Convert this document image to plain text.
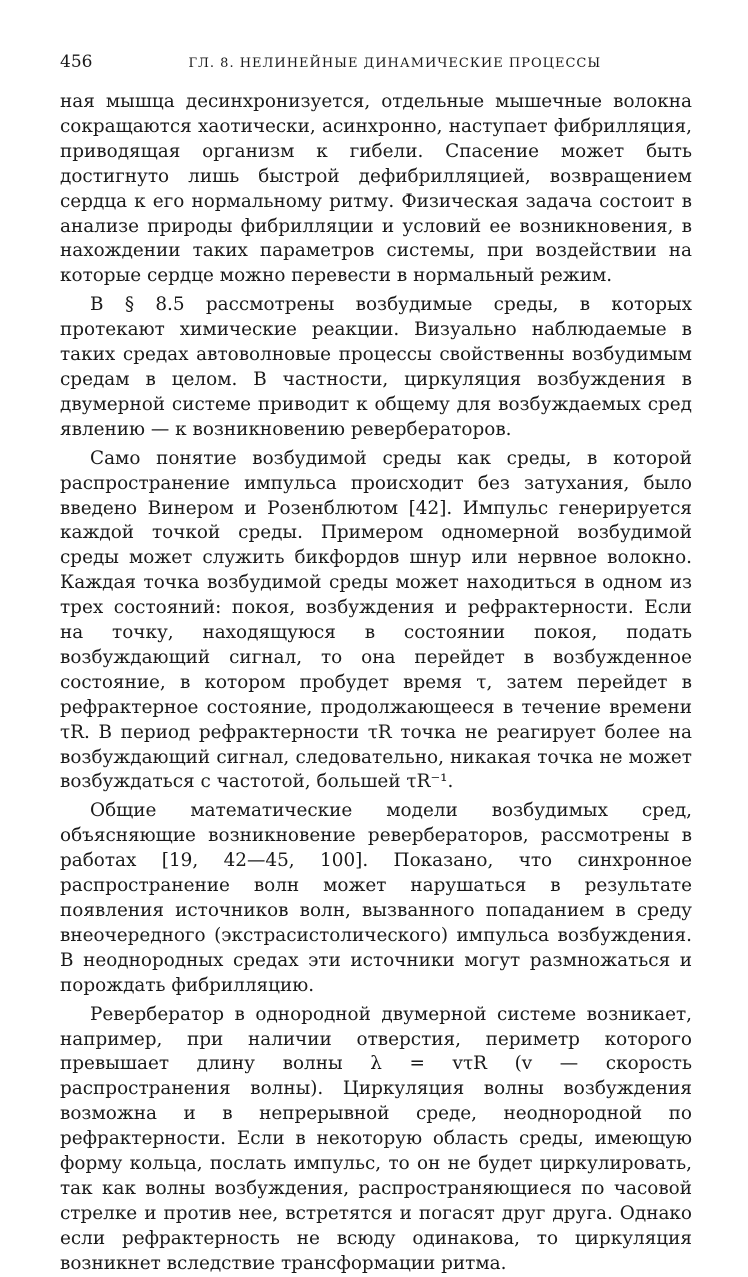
456	ГЛ. 8. НЕЛИНЕЙНЫЕ ДИНАМИЧЕСКИЕ ПРОЦЕССЫ

ная мышца десинхронизуется, отдельные мышечные волокна сокращаются хаотически, асинхронно, наступает фибрилляция, приводящая организм к гибели. Спасение может быть достигнуто лишь быстрой дефибрилляцией, возвращением сердца к его нормальному ритму. Физическая задача состоит в анализе природы фибрилляции и условий ее возникновения, в нахождении таких параметров системы, при воздействии на которые сердце можно перевести в нормальный режим.

В § 8.5 рассмотрены возбудимые среды, в которых протекают химические реакции. Визуально наблюдаемые в таких средах автоволновые процессы свойственны возбудимым средам в целом. В частности, циркуляция возбуждения в двумерной системе приводит к общему для возбуждаемых сред явлению — к возникновению ревербераторов.

Само понятие возбудимой среды как среды, в которой распространение импульса происходит без затухания, было введено Винером и Розенблютом [42]. Импульс генерируется каждой точкой среды. Примером одномерной возбудимой среды может служить бикфордов шнур или нервное волокно. Каждая точка возбудимой среды может находиться в одном из трех состояний: покоя, возбуждения и рефрактерности. Если на точку, находящуюся в состоянии покоя, подать возбуждающий сигнал, то она перейдет в возбужденное состояние, в котором пробудет время τ, затем перейдет в рефрактерное состояние, продолжающееся в течение времени τR. В период рефрактерности τR точка не реагирует более на возбуждающий сигнал, следовательно, никакая точка не может возбуждаться с частотой, большей τR⁻¹.

Общие математические модели возбудимых сред, объясняющие возникновение ревербераторов, рассмотрены в работах [19, 42—45, 100]. Показано, что синхронное распространение волн может нарушаться в результате появления источников волн, вызванного попаданием в среду внеочередного (экстрасистолического) импульса возбуждения. В неоднородных средах эти источники могут размножаться и порождать фибрилляцию.

Ревербератор в однородной двумерной системе возникает, например, при наличии отверстия, периметр которого превышает длину волны λ = vτR (v — скорость распространения волны). Циркуляция волны возбуждения возможна и в непрерывной среде, неоднородной по рефрактерности. Если в некоторую область среды, имеющую форму кольца, послать импульс, то он не будет циркулировать, так как волны возбуждения, распространяющиеся по часовой стрелке и против нее, встретятся и погасят друг друга. Однако если рефрактерность не всюду одинакова, то циркуляция возникнет вследствие трансформации ритма.
